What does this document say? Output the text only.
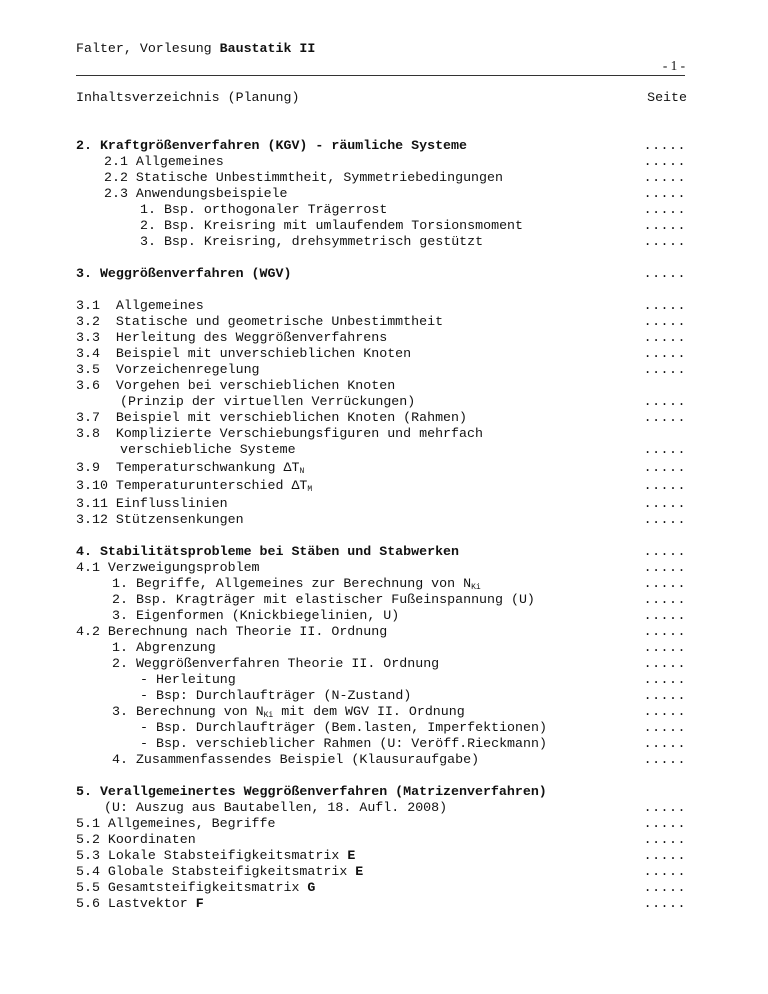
Falter, Vorlesung Baustatik II
- 1 -
Inhaltsverzeichnis (Planung)	Seite
2. Kraftgrößenverfahren (KGV) - räumliche Systeme	.....
2.1 Allgemeines	.....
2.2 Statische Unbestimmtheit, Symmetriebedingungen	.....
2.3 Anwendungsbeispiele	.....
1. Bsp. orthogonaler Trägerrost	.....
2. Bsp. Kreisring mit umlaufendem Torsionsmoment	.....
3. Bsp. Kreisring, drehsymmetrisch gestützt	.....
3. Weggrößenverfahren (WGV)	.....
3.1  Allgemeines	.....
3.2  Statische und geometrische Unbestimmtheit	.....
3.3  Herleitung des Weggrößenverfahrens	.....
3.4  Beispiel mit unverschieblichen Knoten	.....
3.5  Vorzeichenregelung	.....
3.6  Vorgehen bei verschieblichen Knoten
(Prinzip der virtuellen Verrückungen)	.....
3.7  Beispiel mit verschieblichen Knoten (Rahmen)	.....
3.8  Komplizierte Verschiebungsfiguren und mehrfach
verschiebliche Systeme	.....
3.9  Temperaturschwankung $\Delta T_N$	.....
3.10 Temperaturunterschied $\Delta T_M$	.....
3.11 Einflusslinien	.....
3.12 Stützensenkungen	.....
4. Stabilitätsprobleme bei Stäben und Stabwerken	.....
4.1 Verzweigungsproblem	.....
1. Begriffe, Allgemeines zur Berechnung von $N_{Ki}$	.....
2. Bsp. Kragträger mit elastischer Fußeinspannung (U)	.....
3. Eigenformen (Knickbiegelinien, U)	.....
4.2 Berechnung nach Theorie II. Ordnung	.....
1. Abgrenzung	.....
2. Weggrößenverfahren Theorie II. Ordnung	.....
- Herleitung	.....
- Bsp: Durchlaufträger (N-Zustand)	.....
3. Berechnung von $N_{Ki}$ mit dem WGV II. Ordnung	.....
- Bsp. Durchlaufträger (Bem.lasten, Imperfektionen)	.....
- Bsp. verschieblicher Rahmen (U: Veröff.Rieckmann)	.....
4. Zusammenfassendes Beispiel (Klausuraufgabe)	.....
5. Verallgemeinertes Weggrößenverfahren (Matrizenverfahren)
(U: Auszug aus Bautabellen, 18. Aufl. 2008)	.....
5.1 Allgemeines, Begriffe	.....
5.2 Koordinaten	.....
5.3 Lokale Stabsteifigkeitsmatrix E	.....
5.4 Globale Stabsteifigkeitsmatrix E	.....
5.5 Gesamtsteifigkeitsmatrix G	.....
5.6 Lastvektor F	.....
